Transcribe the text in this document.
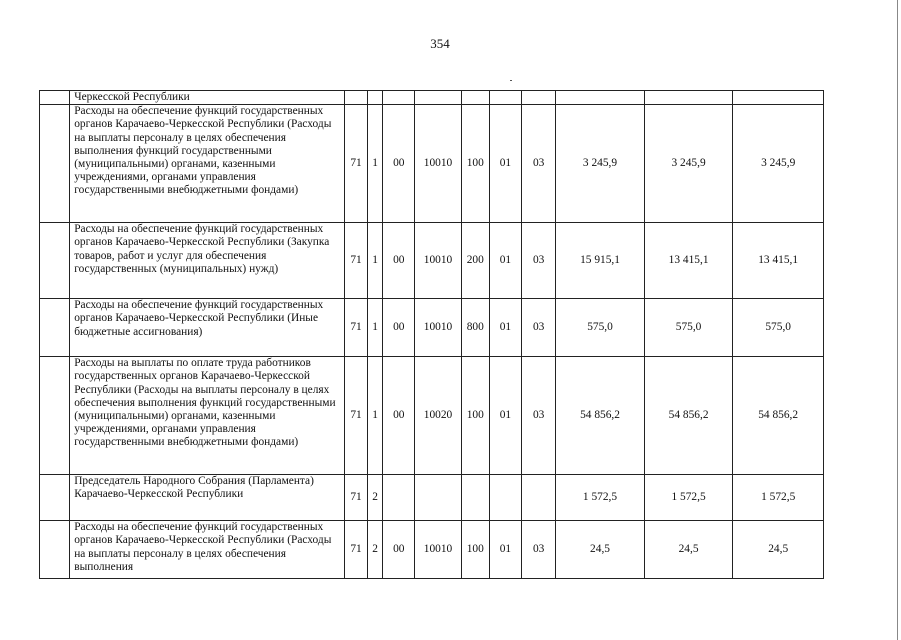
354
	Черкесской Республики										
	Расходы на обеспечение функций государственных органов Карачаево-Черкесской Республики (Расходы на выплаты персоналу в целях обеспечения выполнения функций государственными (муниципальными) органами, казенными учреждениями, органами управления государственными внебюджетными фондами)	71	1	00	10010	100	01	03	3 245,9	3 245,9	3 245,9
	Расходы на обеспечение функций государственных органов Карачаево-Черкесской Республики (Закупка товаров, работ и услуг для обеспечения государственных (муниципальных) нужд)	71	1	00	10010	200	01	03	15 915,1	13 415,1	13 415,1
	Расходы на обеспечение функций государственных органов Карачаево-Черкесской Республики (Иные бюджетные ассигнования)	71	1	00	10010	800	01	03	575,0	575,0	575,0
	Расходы на выплаты по оплате труда работников государственных органов Карачаево-Черкесской Республики (Расходы на выплаты персоналу в целях обеспечения выполнения функций государственными (муниципальными) органами, казенными учреждениями, органами управления государственными внебюджетными фондами)	71	1	00	10020	100	01	03	54 856,2	54 856,2	54 856,2
	Председатель Народного Собрания (Парламента) Карачаево-Черкесской Республики	71	2						1 572,5	1 572,5	1 572,5
	Расходы на обеспечение функций государственных органов Карачаево-Черкесской Республики (Расходы на выплаты персоналу в целях обеспечения выполнения	71	2	00	10010	100	01	03	24,5	24,5	24,5
